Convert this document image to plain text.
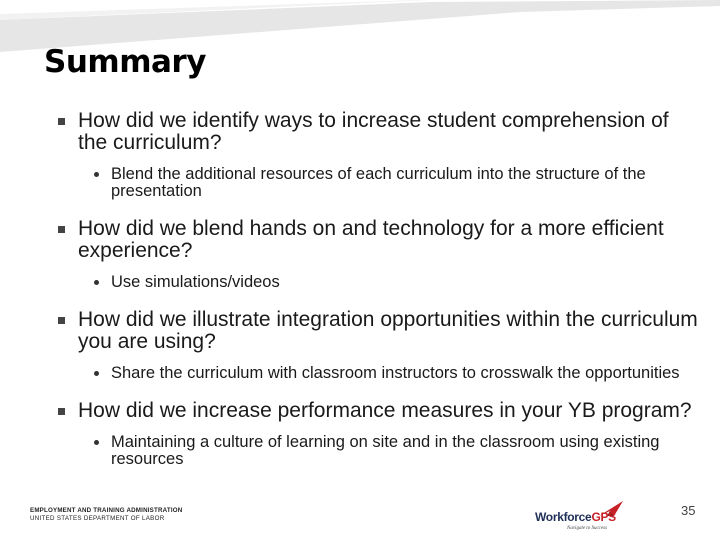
Summary
How did we identify ways to increase student comprehension of the curriculum?
Blend the additional resources of each curriculum into the structure of the presentation
How did we blend hands on and technology for a more efficient experience?
Use simulations/videos
How did we illustrate integration opportunities within the curriculum you are using?
Share the curriculum with classroom instructors to crosswalk the opportunities
How did we increase performance measures in your YB program?
Maintaining a culture of learning on site and in the classroom using existing resources
EMPLOYMENT AND TRAINING ADMINISTRATION
UNITED STATES DEPARTMENT OF LABOR	WorkforceGPS
Navigate to Success
35
